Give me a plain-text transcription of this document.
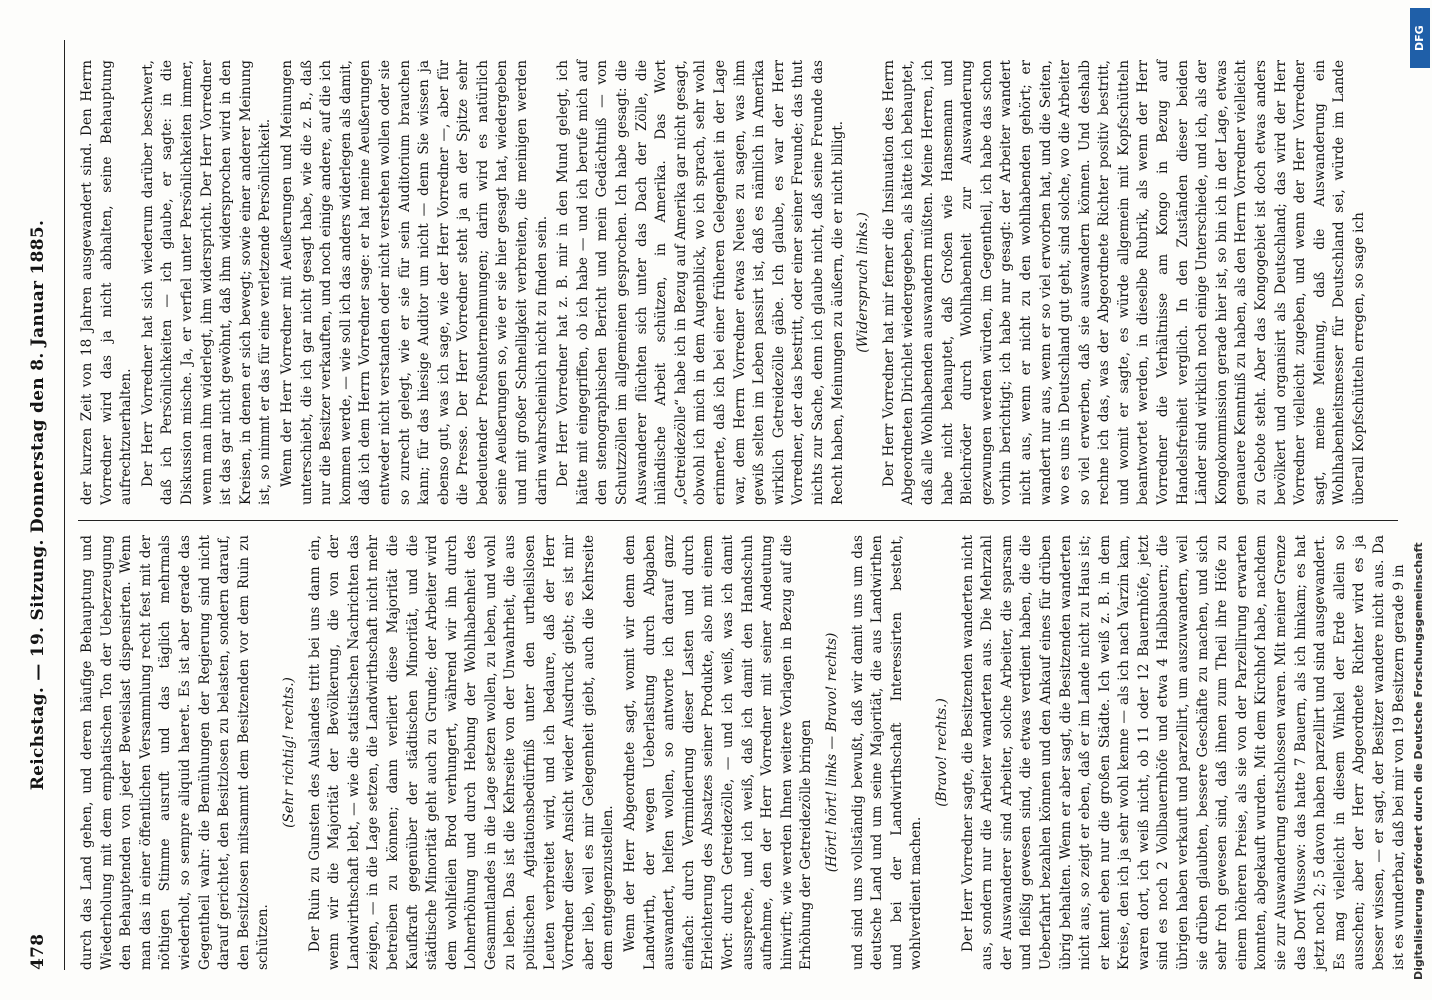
478
Reichstag. — 19. Sitzung. Donnerstag den 8. Januar 1885. durch das Land gehen, und deren häufige Behauptung und Wiederholung mit dem emphatischen Ton der Ueberzeugung den Behauptenden von jeder Beweislast dispensirten. Wenn man das in einer öffentlichen Versammlung recht fest mit der nöthigen Stimme ausruft und das täglich mehrmals wiederholt, so sempre aliquid haeret. Es ist aber gerade das Gegentheil wahr: die Bemühungen der Regierung sind nicht darauf gerichtet, den Besitzlosen zu belasten, sondern darauf, den Besitzlosen mitsammt dem Besitzenden vor dem Ruin zu schützen.

(Sehr richtig! rechts.) Der Ruin zu Gunsten des Auslandes tritt bei uns dann ein, wenn wir die Majorität der Bevölkerung, die von der Landwirthschaft lebt, — wie die statistischen Nachrichten das zeigen, — in die Lage setzen, die Landwirthschaft nicht mehr betreiben zu können; dann verliert diese Majorität die Kaufkraft gegenüber der städtischen Minorität, und die städtische Minorität geht auch zu Grunde; der Arbeiter wird dem wohlfeilen Brod verhungert, während wir ihn durch Lohnerhöhung und durch Hebung der Wohlhabenheit des Gesammtlandes in die Lage setzen wollen, zu leben, und wohl zu leben. Das ist die Kehrseite von der Unwahrheit, die aus politischen Agitationsbedürfniß unter den urtheilslosen Leuten verbreitet wird, und ich bedaure, daß der Herr Vorredner dieser Ansicht wieder Ausdruck giebt; es ist mir aber lieb, weil es mir Gelegenheit giebt, auch die Kehrseite dem entgegenzustellen. Wenn der Herr Abgeordnete sagt, womit wir denn dem Landwirth, der wegen Ueberlastung durch Abgaben auswandert, helfen wollen, so antworte ich darauf ganz einfach: durch Verminderung dieser Lasten und durch Erleichterung des Absatzes seiner Produkte, also mit einem Wort: durch Getreidezölle, — und ich weiß, was ich damit ausspreche, und ich weiß, daß ich damit den Handschuh aufnehme, den der Herr Vorredner mit seiner Andeutung hinwirft; wie werden Ihnen weitere Vorlagen in Bezug auf die Erhöhung der Getreidezölle bringen (Hört! hört! links — Bravo! rechts) und sind uns vollständig bewußt, daß wir damit uns um das deutsche Land und um seine Majorität, die aus Landwirthen und bei der Landwirthschaft Interessirten besteht, wohlverdient machen.

(Bravo! rechts.) Der Herr Vorredner sagte, die Besitzenden wanderten nicht aus, sondern nur die Arbeiter wanderten aus. Die Mehrzahl der Auswanderer sind Arbeiter, solche Arbeiter, die sparsam und fleißig gewesen sind, die etwas verdient haben, die die Ueberfahrt bezahlen können und den Ankauf eines für drüben übrig behalten. Wenn er aber sagt, die Besitzenden wanderten nicht aus, so zeigt er eben, daß er im Lande nicht zu Haus ist; er kennt eben nur die großen Städte. Ich weiß z. B. in dem Kreise, den ich ja sehr wohl kenne — als ich nach Varzin kam, waren dort, ich weiß nicht, ob 11 oder 12 Bauernhöfe, jetzt sind es noch 2 Vollbauernhöfe und etwa 4 Halbbauern; die übrigen haben verkauft und parzellirt, um auszuwandern, weil sie drüben glaubten, bessere Geschäfte zu machen, und sich sehr froh gewesen sind, daß ihnen zum Theil ihre Höfe zu einem höheren Preise, als sie von der Parzellirung erwarten konnten, abgekauft wurden. Mit dem Kirchhof habe, nachdem sie zur Auswanderung entschlossen waren. Mit meiner Grenze das Dorf Wussow: das hatte 7 Bauern, als ich hinkam; es hat jetzt noch 2; 5 davon haben parzellirt und sind ausgewandert. Es mag vielleicht in diesem Winkel der Erde allein so ausschen; aber der Herr Abgeordnete Richter wird es ja besser wissen, — er sagt, der Besitzer wandere nicht aus. Da ist es wunderbar, daß bei mir von 19 Besitzern gerade 9 in

der kurzen Zeit von 18 Jahren ausgewandert sind. Den Herrn Vorredner wird das ja nicht abhalten, seine Behauptung aufrechtzuerhalten. Der Herr Vorredner hat sich wiederum darüber beschwert, daß ich Persönlichkeiten — ich glaube, er sagte: in die Diskussion mische. Ja, er verfiel unter Persönlichkeiten immer, wenn man ihm widerlegt, ihm widerspricht. Der Herr Vorredner ist das gar nicht gewöhnt, daß ihm widersprochen wird in den Kreisen, in denen er sich bewegt; sowie einer anderer Meinung ist, so nimmt er das für eine verletzende Persönlichkeit. Wenn der Herr Vorredner mit Aeußerungen und Meinungen unterschiebt, die ich gar nicht gesagt habe, wie die z. B., daß nur die Besitzer verkauften, und noch einige andere, auf die ich kommen werde, — wie soll ich das anders widerlegen als damit, daß ich dem Herrn Vorredner sage: er hat meine Aeußerungen entweder nicht verstanden oder nicht verstehen wollen oder sie so zurecht gelegt, wie er sie für sein Auditorium brauchen kann; für das hiesige Auditor um nicht — denn Sie wissen ja ebenso gut, was ich sage, wie der Herr Vorredner —, aber für die Presse. Der Herr Vorredner steht ja an der Spitze sehr bedeutender Preßunternehmungen; darin wird es natürlich seine Aeußerungen so, wie er sie hier gesagt hat, wiedergeben und mit großer Schnelligkeit verbreiten, die meinigen werden darin wahrscheinlich nicht zu finden sein. Der Herr Vorredner hat z. B. mir in den Mund gelegt, ich hätte mit eingegriffen, ob ich habe — und ich berufe mich auf den stenographischen Bericht und mein Gedächtniß — von Schutzzöllen im allgemeinen gesprochen. Ich habe gesagt: die Auswanderer flüchten sich unter das Dach der Zölle, die inländische Arbeit schützen, in Amerika. Das Wort „Getreidezölle“ habe ich in Bezug auf Amerika gar nicht gesagt, obwohl ich mich in dem Augenblick, wo ich sprach, sehr wohl erinnerte, daß ich bei einer früheren Gelegenheit in der Lage war, dem Herrn Vorredner etwas Neues zu sagen, was ihm gewiß selten im Leben passirt ist, daß es nämlich in Amerika wirklich Getreidezölle gäbe. Ich glaube, es war der Herr Vorredner, der das bestritt, oder einer seiner Freunde; das thut nichts zur Sache, denn ich glaube nicht, daß seine Freunde das Recht haben, Meinungen zu äußern, die er nicht billigt. (Widerspruch links.) Der Herr Vorredner hat mir ferner die Insinuation des Herrn Abgeordneten Dirichlet wiedergegeben, als hätte ich behauptet, daß alle Wohlhabenden auswandern müßten. Meine Herren, ich habe nicht behauptet, daß Großen wie Hansemann und Bleichröder durch Wohlhabenheit zur Auswanderung gezwungen werden würden, im Gegentheil, ich habe das schon vorhin berichtigt; ich habe nur gesagt: der Arbeiter wandert nicht aus, wenn er nicht zu den wohlhabenden gehört; er wandert nur aus, wenn er so viel erworben hat, und die Seiten, wo es uns in Deutschland gut geht, sind solche, wo die Arbeiter so viel erwerben, daß sie auswandern können. Und deshalb rechne ich das, was der Abgeordnete Richter positiv bestritt, und womit er sagte, es würde allgemein mit Kopfschütteln beantwortet werden, in dieselbe Rubrik, als wenn der Herr Vorredner die Verhältnisse am Kongo in Bezug auf Handelsfreiheit verglich. In den Zuständen dieser beiden Länder sind wirklich noch einige Unterschiede, und ich, als der Kongokommission gerade hier ist, so bin ich in der Lage, etwas genauere Kenntniß zu haben, als den Herrn Vorredner vielleicht zu Gebote steht. Aber das Kongogebiet ist doch etwas anders bevölkert und organisirt als Deutschland; das wird der Herr Vorredner vielleicht zugeben, und wenn der Herr Vorredner sagt, meine Meinung, daß die Auswanderung ein Wohlhabenheitsmesser für Deutschland sei, würde im Lande überall Kopfschütteln erregen, so sage ich

DFG
Digitalisierung gefördert durch die Deutsche Forschungsgemeinschaft
